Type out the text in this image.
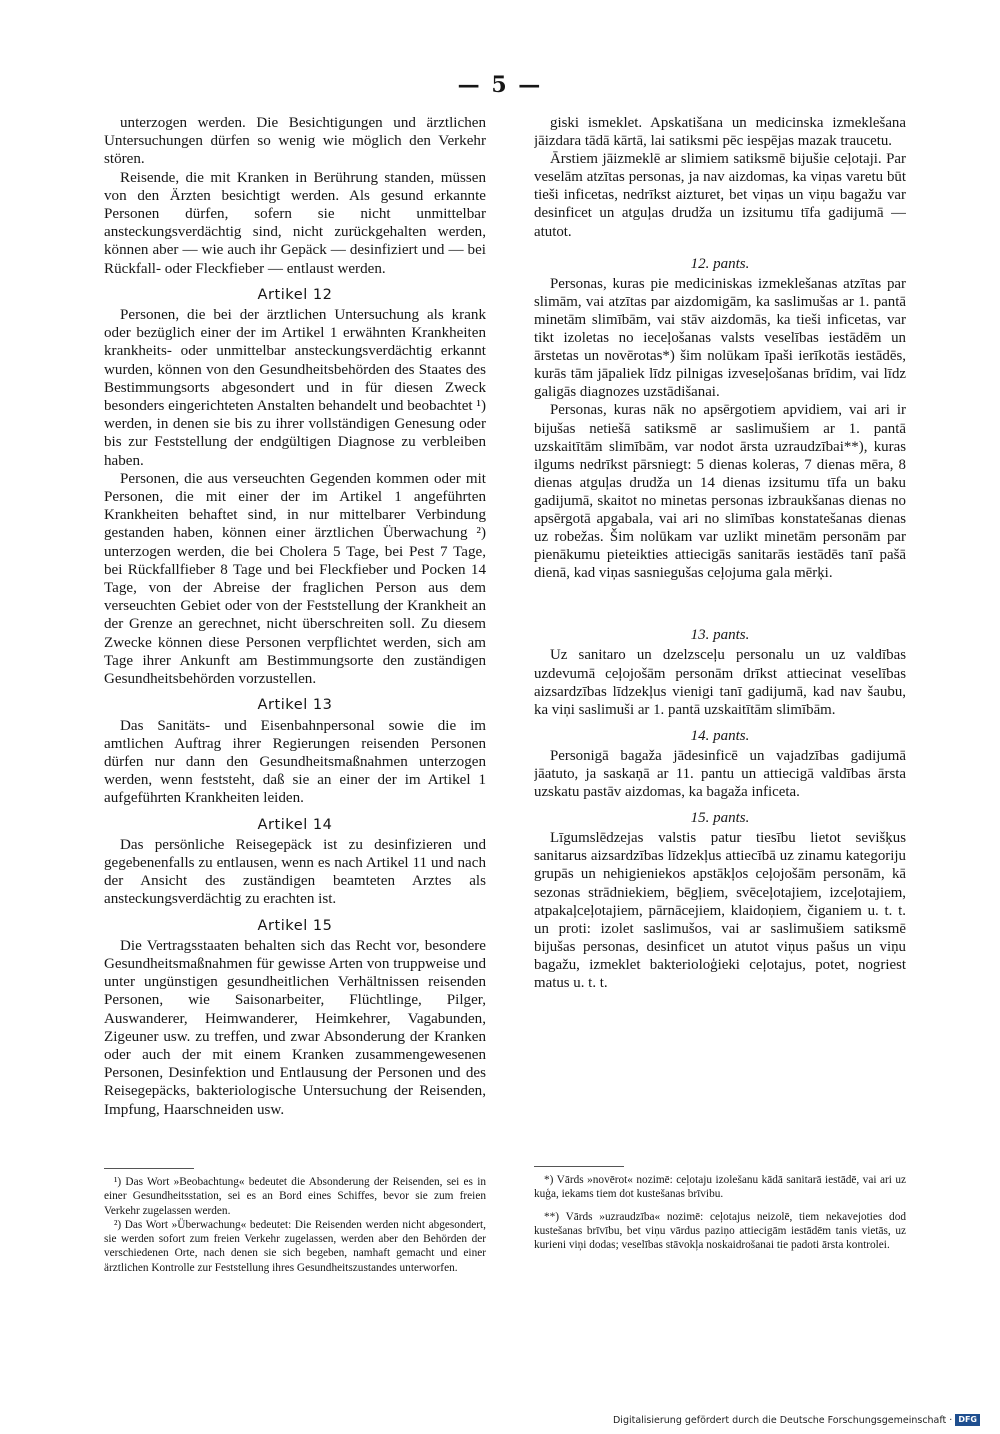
— 5 —

unterzogen werden. Die Besichtigungen und ärztlichen Untersuchungen dürfen so wenig wie möglich den Verkehr stören.

Reisende, die mit Kranken in Berührung standen, müssen von den Ärzten besichtigt werden. Als gesund erkannte Personen dürfen, sofern sie nicht unmittelbar ansteckungsverdächtig sind, nicht zurückgehalten werden, können aber — wie auch ihr Gepäck — desinfiziert und — bei Rückfall- oder Fleckfieber — entlaust werden.

Artikel 12

Personen, die bei der ärztlichen Untersuchung als krank oder bezüglich einer der im Artikel 1 erwähnten Krankheiten krankheits- oder unmittelbar ansteckungsverdächtig erkannt wurden, können von den Gesundheitsbehörden des Staates des Bestimmungsorts abgesondert und in für diesen Zweck besonders eingerichteten Anstalten behandelt und beobachtet ¹) werden, in denen sie bis zu ihrer vollständigen Genesung oder bis zur Feststellung der endgültigen Diagnose zu verbleiben haben.

Personen, die aus verseuchten Gegenden kommen oder mit Personen, die mit einer der im Artikel 1 angeführten Krankheiten behaftet sind, in nur mittelbarer Verbindung gestanden haben, können einer ärztlichen Überwachung ²) unterzogen werden, die bei Cholera 5 Tage, bei Pest 7 Tage, bei Rückfallfieber 8 Tage und bei Fleckfieber und Pocken 14 Tage, von der Abreise der fraglichen Person aus dem verseuchten Gebiet oder von der Feststellung der Krankheit an der Grenze an gerechnet, nicht überschreiten soll. Zu diesem Zwecke können diese Personen verpflichtet werden, sich am Tage ihrer Ankunft am Bestimmungsorte den zuständigen Gesundheitsbehörden vorzustellen.

Artikel 13

Das Sanitäts- und Eisenbahnpersonal sowie die im amtlichen Auftrag ihrer Regierungen reisenden Personen dürfen nur dann den Gesundheitsmaßnahmen unterzogen werden, wenn feststeht, daß sie an einer der im Artikel 1 aufgeführten Krankheiten leiden.

Artikel 14

Das persönliche Reisegepäck ist zu desinfizieren und gegebenenfalls zu entlausen, wenn es nach Artikel 11 und nach der Ansicht des zuständigen beamteten Arztes als ansteckungsverdächtig zu erachten ist.

Artikel 15

Die Vertragsstaaten behalten sich das Recht vor, besondere Gesundheitsmaßnahmen für gewisse Arten von truppweise und unter ungünstigen gesundheitlichen Verhältnissen reisenden Personen, wie Saisonarbeiter, Flüchtlinge, Pilger, Auswanderer, Heimwanderer, Heimkehrer, Vagabunden, Zigeuner usw. zu treffen, und zwar Absonderung der Kranken oder auch der mit einem Kranken zusammengewesenen Personen, Desinfektion und Entlausung der Personen und des Reisegepäcks, bakteriologische Untersuchung der Reisenden, Impfung, Haarschneiden usw.

¹) Das Wort »Beobachtung« bedeutet die Absonderung der Reisenden, sei es in einer Gesundheitsstation, sei es an Bord eines Schiffes, bevor sie zum freien Verkehr zugelassen werden.

²) Das Wort »Überwachung« bedeutet: Die Reisenden werden nicht abgesondert, sie werden sofort zum freien Verkehr zugelassen, werden aber den Behörden der verschiedenen Orte, nach denen sie sich begeben, namhaft gemacht und einer ärztlichen Kontrolle zur Feststellung ihres Gesundheitszustandes unterworfen.

giski ismeklet. Apskatišana un medicinska izmeklešana jāizdara tādā kārtā, lai satiksmi pēc iespējas mazak traucetu.

Ārstiem jāizmeklē ar slimiem satiksmē bijušie ceļotaji. Par veselām atzītas personas, ja nav aizdomas, ka viņas varetu būt tieši inficetas, nedrīkst aizturet, bet viņas un viņu bagažu var desinficet un atguļas drudža un izsitumu tīfa gadijumā — atutot.

12. pants.

Personas, kuras pie mediciniskas izmeklešanas atzītas par slimām, vai atzītas par aizdomigām, ka saslimušas ar 1. pantā minetām slimībām, vai stāv aizdomās, ka tieši inficetas, var tikt izoletas no ieceļošanas valsts veselības iestādēm un ārstetas un novērotas*) šim nolūkam īpaši ierīkotās iestādēs, kurās tām jāpaliek līdz pilnigas izveseļošanas brīdim, vai līdz galigās diagnozes uzstādišanai.

Personas, kuras nāk no apsērgotiem apvidiem, vai ari ir bijušas netiešā satiksmē ar saslimušiem ar 1. pantā uzskaitītām slimībām, var nodot ārsta uzraudzībai**), kuras ilgums nedrīkst pārsniegt: 5 dienas koleras, 7 dienas mēra, 8 dienas atguļas drudža un 14 dienas izsitumu tīfa un baku gadijumā, skaitot no minetas personas izbraukšanas dienas no apsērgotā apgabala, vai ari no slimības konstatešanas dienas uz robežas. Šim nolūkam var uzlikt minetām personām par pienākumu pieteikties attiecigās sanitarās iestādēs tanī pašā dienā, kad viņas sasniegušas ceļojuma gala mērķi.

13. pants.

Uz sanitaro un dzelzsceļu personalu un uz valdības uzdevumā ceļojošām personām drīkst attiecinat veselības aizsardzības līdzekļus vienigi tanī gadijumā, kad nav šaubu, ka viņi saslimuši ar 1. pantā uzskaitītām slimībām.

14. pants.

Personigā bagaža jādesinficē un vajadzības gadijumā jāatuto, ja saskaņā ar 11. pantu un attiecigā valdības ārsta uzskatu pastāv aizdomas, ka bagaža inficeta.

15. pants.

Līgumslēdzejas valstis patur tiesību lietot sevišķus sanitarus aizsardzības līdzekļus attiecībā uz zinamu kategoriju grupās un nehigieniekos apstākļos ceļojošām personām, kā sezonas strādniekiem, bēgļiem, svēceļotajiem, izceļotajiem, atpakaļceļotajiem, pārnācejiem, klaidoņiem, čiganiem u. t. t. un proti: izolet saslimušos, vai ar saslimušiem satiksmē bijušas personas, desinficet un atutot viņus pašus un viņu bagažu, izmeklet bakterioloģieki ceļotajus, potet, nogriest matus u. t. t.

*) Vārds »novērot« nozimē: ceļotaju izolešanu kādā sanitarā iestādē, vai ari uz kuģa, iekams tiem dot kustešanas brīvibu.

**) Vārds »uzraudzība« nozimē: ceļotajus neizolē, tiem nekavejoties dod kustešanas brīvību, bet viņu vārdus paziņo attiecigām iestādēm tanis vietās, uz kurieni viņi dodas; veselības stāvokļa noskaidrošanai tie padoti ārsta kontrolei.

Digitalisierung gefördert durch die Deutsche Forschungsgemeinschaft · DFG
